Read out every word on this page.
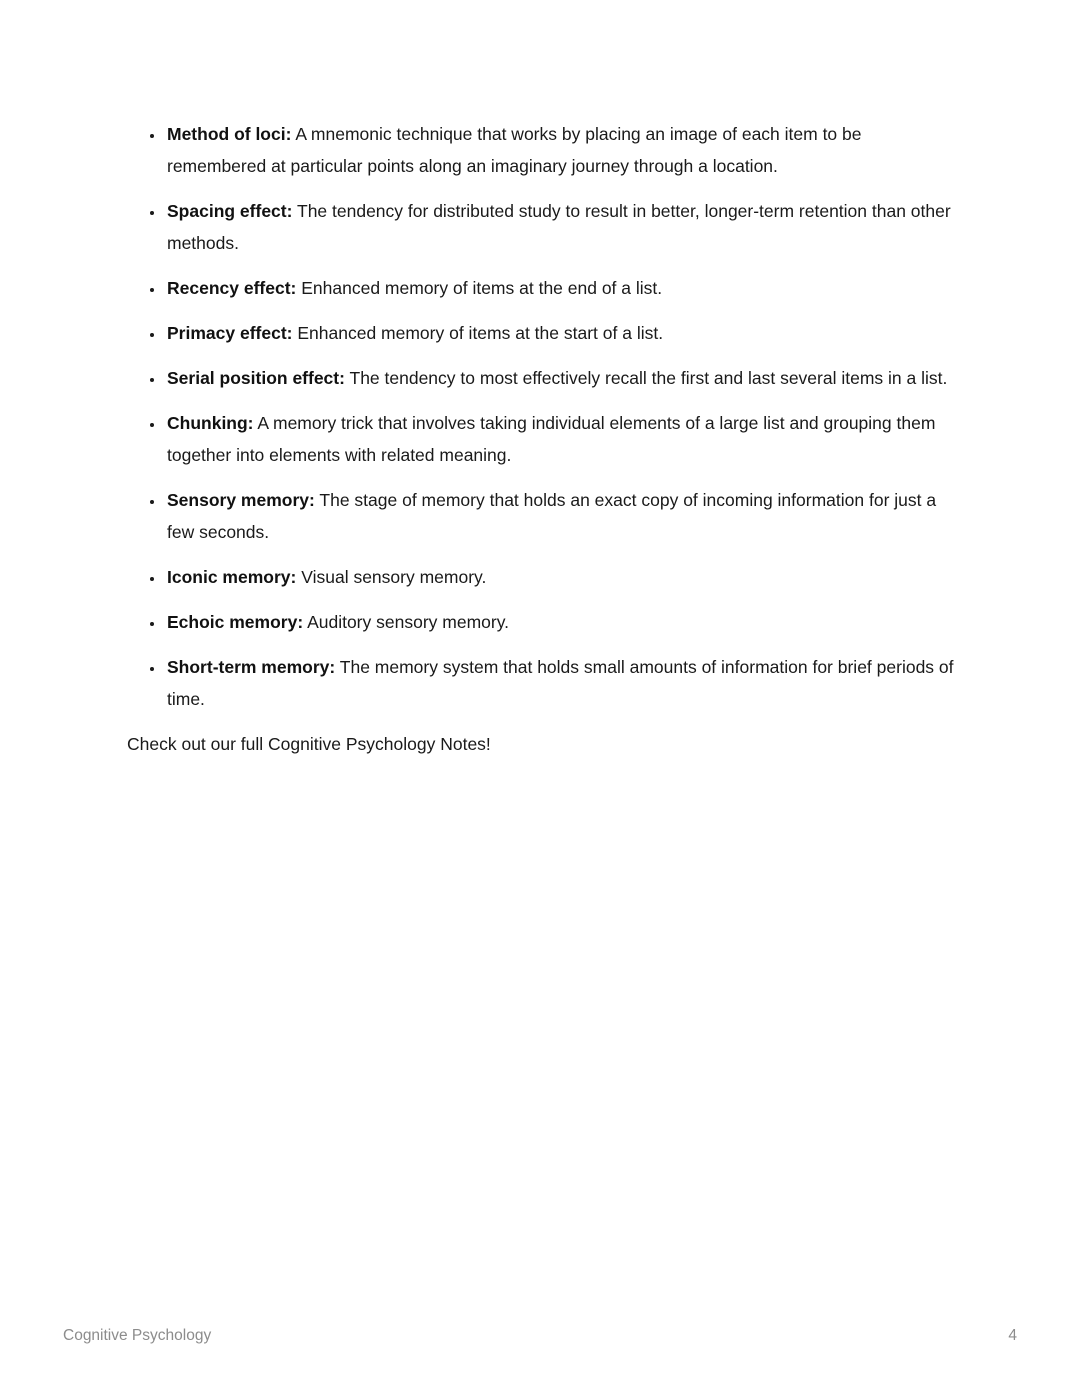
• Method of loci: A mnemonic technique that works by placing an image of each item to be remembered at particular points along an imaginary journey through a location.
• Spacing effect: The tendency for distributed study to result in better, longer-term retention than other methods.
• Recency effect: Enhanced memory of items at the end of a list.
• Primacy effect: Enhanced memory of items at the start of a list.
• Serial position effect: The tendency to most effectively recall the first and last several items in a list.
• Chunking: A memory trick that involves taking individual elements of a large list and grouping them together into elements with related meaning.
• Sensory memory: The stage of memory that holds an exact copy of incoming information for just a few seconds.
• Iconic memory: Visual sensory memory.
• Echoic memory: Auditory sensory memory.
• Short-term memory: The memory system that holds small amounts of information for brief periods of time.

Check out our full Cognitive Psychology Notes!

Cognitive Psychology	4
